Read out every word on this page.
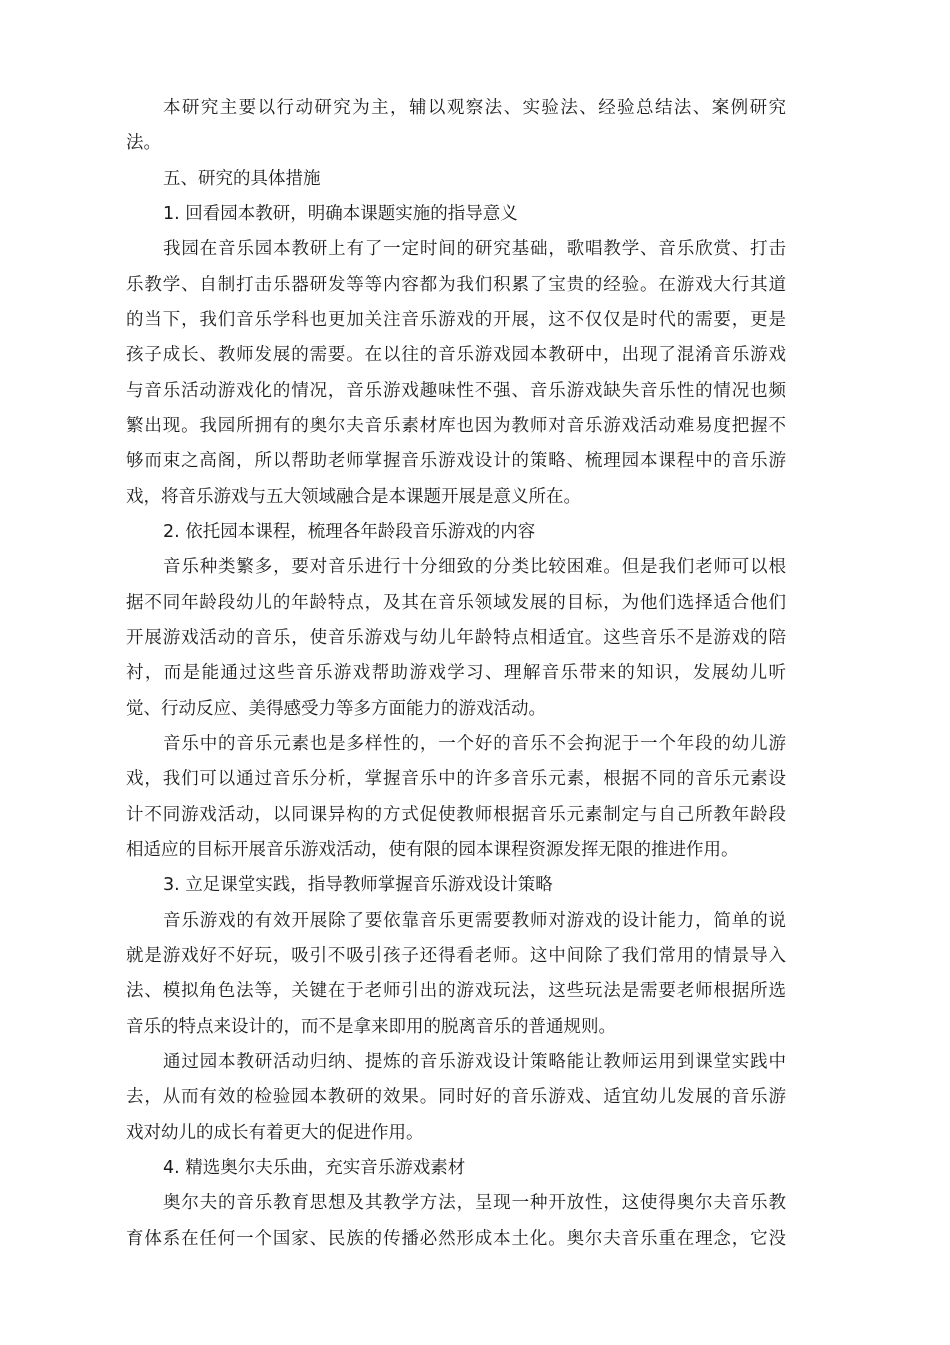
本研究主要以行动研究为主，辅以观察法、实验法、经验总结法、案例研究
法。
五、研究的具体措施
1. 回看园本教研，明确本课题实施的指导意义
我园在音乐园本教研上有了一定时间的研究基础，歌唱教学、音乐欣赏、打击
乐教学、自制打击乐器研发等等内容都为我们积累了宝贵的经验。在游戏大行其道
的当下，我们音乐学科也更加关注音乐游戏的开展，这不仅仅是时代的需要，更是
孩子成长、教师发展的需要。在以往的音乐游戏园本教研中，出现了混淆音乐游戏
与音乐活动游戏化的情况，音乐游戏趣味性不强、音乐游戏缺失音乐性的情况也频
繁出现。我园所拥有的奥尔夫音乐素材库也因为教师对音乐游戏活动难易度把握不
够而束之高阁，所以帮助老师掌握音乐游戏设计的策略、梳理园本课程中的音乐游
戏，将音乐游戏与五大领域融合是本课题开展是意义所在。
2. 依托园本课程，梳理各年龄段音乐游戏的内容
音乐种类繁多，要对音乐进行十分细致的分类比较困难。但是我们老师可以根
据不同年龄段幼儿的年龄特点，及其在音乐领域发展的目标，为他们选择适合他们
开展游戏活动的音乐，使音乐游戏与幼儿年龄特点相适宜。这些音乐不是游戏的陪
衬，而是能通过这些音乐游戏帮助游戏学习、理解音乐带来的知识，发展幼儿听
觉、行动反应、美得感受力等多方面能力的游戏活动。
音乐中的音乐元素也是多样性的，一个好的音乐不会拘泥于一个年段的幼儿游
戏，我们可以通过音乐分析，掌握音乐中的许多音乐元素，根据不同的音乐元素设
计不同游戏活动，以同课异构的方式促使教师根据音乐元素制定与自己所教年龄段
相适应的目标开展音乐游戏活动，使有限的园本课程资源发挥无限的推进作用。
3. 立足课堂实践，指导教师掌握音乐游戏设计策略
音乐游戏的有效开展除了要依靠音乐更需要教师对游戏的设计能力，简单的说
就是游戏好不好玩，吸引不吸引孩子还得看老师。这中间除了我们常用的情景导入
法、模拟角色法等，关键在于老师引出的游戏玩法，这些玩法是需要老师根据所选
音乐的特点来设计的，而不是拿来即用的脱离音乐的普通规则。
通过园本教研活动归纳、提炼的音乐游戏设计策略能让教师运用到课堂实践中
去，从而有效的检验园本教研的效果。同时好的音乐游戏、适宜幼儿发展的音乐游
戏对幼儿的成长有着更大的促进作用。
4. 精选奥尔夫乐曲，充实音乐游戏素材
奥尔夫的音乐教育思想及其教学方法，呈现一种开放性，这使得奥尔夫音乐教
育体系在任何一个国家、民族的传播必然形成本土化。奥尔夫音乐重在理念，它没
